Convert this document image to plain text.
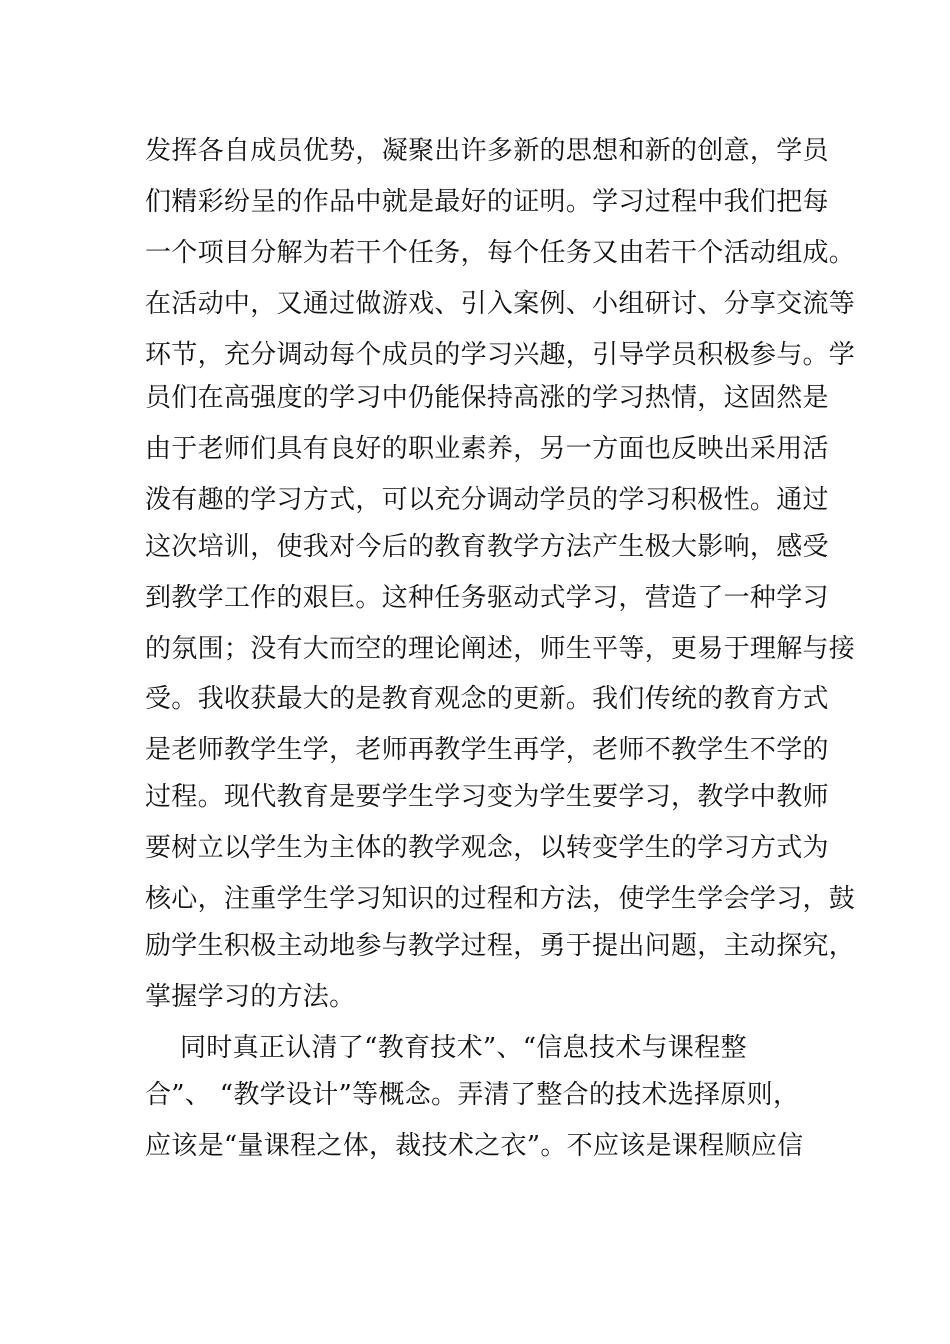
发挥各自成员优势，凝聚出许多新的思想和新的创意，学员
们精彩纷呈的作品中就是最好的证明。学习过程中我们把每
一个项目分解为若干个任务，每个任务又由若干个活动组成。
在活动中，又通过做游戏、引入案例、小组研讨、分享交流等
环节，充分调动每个成员的学习兴趣，引导学员积极参与。学
员们在高强度的学习中仍能保持高涨的学习热情，这固然是
由于老师们具有良好的职业素养，另一方面也反映出采用活
泼有趣的学习方式，可以充分调动学员的学习积极性。通过
这次培训，使我对今后的教育教学方法产生极大影响，感受
到教学工作的艰巨。这种任务驱动式学习，营造了一种学习
的氛围；没有大而空的理论阐述，师生平等，更易于理解与接
受。我收获最大的是教育观念的更新。我们传统的教育方式
是老师教学生学，老师再教学生再学，老师不教学生不学的
过程。现代教育是要学生学习变为学生要学习，教学中教师
要树立以学生为主体的教学观念，以转变学生的学习方式为
核心，注重学生学习知识的过程和方法，使学生学会学习，鼓
励学生积极主动地参与教学过程，勇于提出问题，主动探究，
掌握学习的方法。
同时真正认清了“教育技术”、“信息技术与课程整
合”、 “教学设计”等概念。弄清了整合的技术选择原则，
应该是“量课程之体，裁技术之衣”。不应该是课程顺应信
